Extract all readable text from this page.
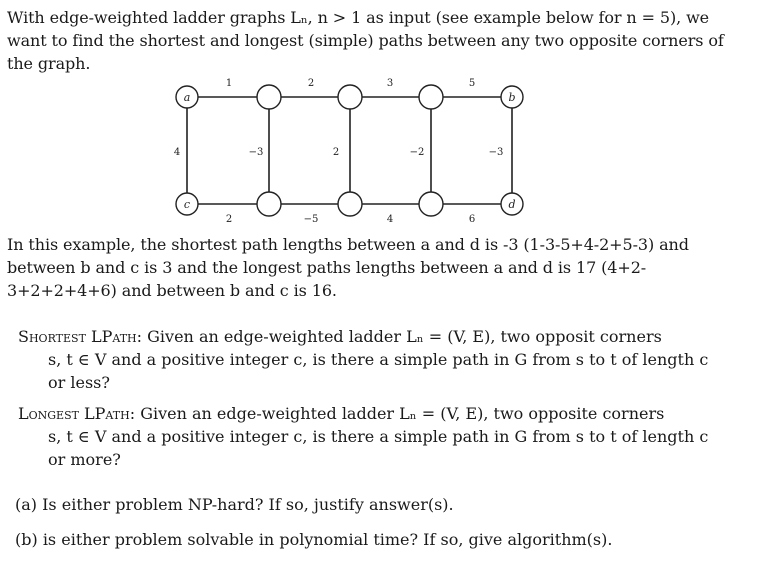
With edge-weighted ladder graphs Lₙ, n > 1 as input (see example below for n = 5), we want to find the shortest and longest (simple) paths between any two opposite corners of the graph.

a	b
c	d
1	2	3	5
4	−3	2	−2	−3
2	−5	4	6

In this example, the shortest path lengths between a and d is -3 (1-3-5+4-2+5-3) and between b and c is 3 and the longest paths lengths between a and d is 17 (4+2-3+2+2+4+6) and between b and c is 16.

Shortest LPath: Given an edge-weighted ladder Lₙ = (V, E), two opposit corners
s, t ∈ V and a positive integer c, is there a simple path in G from s to t of length c
or less?
Longest LPath: Given an edge-weighted ladder Lₙ = (V, E), two opposite corners
s, t ∈ V and a positive integer c, is there a simple path in G from s to t of length c
or more?

(a) Is either problem NP-hard? If so, justify answer(s).

(b) is either problem solvable in polynomial time? If so, give algorithm(s).
